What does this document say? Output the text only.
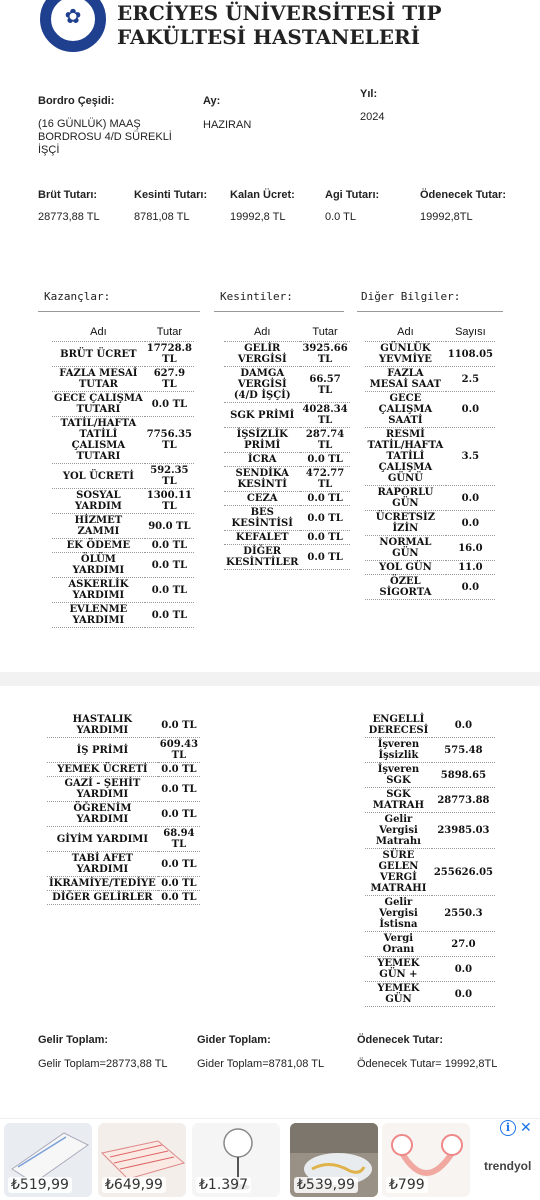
✿ ERCİYES ÜNİVERSİTESİ TIP
FAKÜLTESİ HASTANELERİ
Bordro Çeşidi:
(16 GÜNLÜK) MAAŞ BORDROSU 4/D SÜREKLİ İŞÇİ
Ay:
HAZIRAN
Yıl:
2024
Brüt Tutarı:
28773,88 TL
Kesinti Tutarı:
8781,08 TL
Kalan Ücret:
19992,8 TL
Agi Tutarı:
0.0 TL
Ödenecek Tutar:
19992,8TL
Kazançlar:	Kesintiler:	Diğer Bilgiler:
Adı	Tutar
BRÜT ÜCRET	17728.8 TL
FAZLA MESAİ TUTAR	627.9 TL
GECE ÇALIŞMA TUTARI	0.0 TL
TATİL/HAFTA TATİLİ ÇALISMA TUTARI	7756.35 TL
YOL ÜCRETİ	592.35 TL
SOSYAL YARDIM	1300.11 TL
HİZMET ZAMMI	90.0 TL
EK ÖDEME	0.0 TL
ÖLÜM YARDIMI	0.0 TL
ASKERLİK YARDIMI	0.0 TL
EVLENME YARDIMI	0.0 TL
Adı	Tutar
GELİR VERGİSİ	3925.66 TL
DAMGA VERGİSİ (4/D İŞÇİ)	66.57 TL
SGK PRİMİ	4028.34 TL
İŞSİZLİK PRİMİ	287.74 TL
İCRA	0.0 TL
SENDİKA KESİNTİ	472.77 TL
CEZA	0.0 TL
BES KESİNTİSİ	0.0 TL
KEFALET	0.0 TL
DİĞER KESİNTİLER	0.0 TL
Adı	Sayısı
GÜNLÜK YEVMİYE	1108.05
FAZLA MESAİ SAAT	2.5
GECE ÇALIŞMA SAATİ	0.0
RESMİ TATİL/HAFTA TATİLİ ÇALIŞMA GÜNÜ	3.5
RAPORLU GÜN	0.0
ÜCRETSİZ İZİN	0.0
NORMAL GÜN	16.0
YOL GÜN	11.0
ÖZEL SİGORTA	0.0
HASTALIK YARDIMI	0.0 TL
İŞ PRİMİ	609.43 TL
YEMEK ÜCRETİ	0.0 TL
GAZİ - ŞEHİT YARDIMI	0.0 TL
ÖĞRENİM YARDIMI	0.0 TL
GİYİM YARDIMI	68.94 TL
TABİ AFET YARDIMI	0.0 TL
İKRAMİYE/TEDİYE	0.0 TL
DİĞER GELİRLER	0.0 TL
ENGELLİ DERECESİ	0.0
İşveren İşsizlik	575.48
İşveren SGK	5898.65
SGK MATRAH	28773.88
Gelir Vergisi Matrahı	23985.03
SÜRE GELEN VERGİ MATRAHI	255626.05
Gelir Vergisi İstisna	2550.3
Vergi Oranı	27.0
YEMEK GÜN +	0.0
YEMEK GÜN	0.0
Gelir Toplam:
Gelir Toplam=28773,88 TL
Gider Toplam:
Gider Toplam=8781,08 TL
Ödenecek Tutar:
Ödenecek Tutar= 19992,8TL
₺519,99	₺649,99	₺1.397	₺539,99 ₺799
trendyol
i ✕
